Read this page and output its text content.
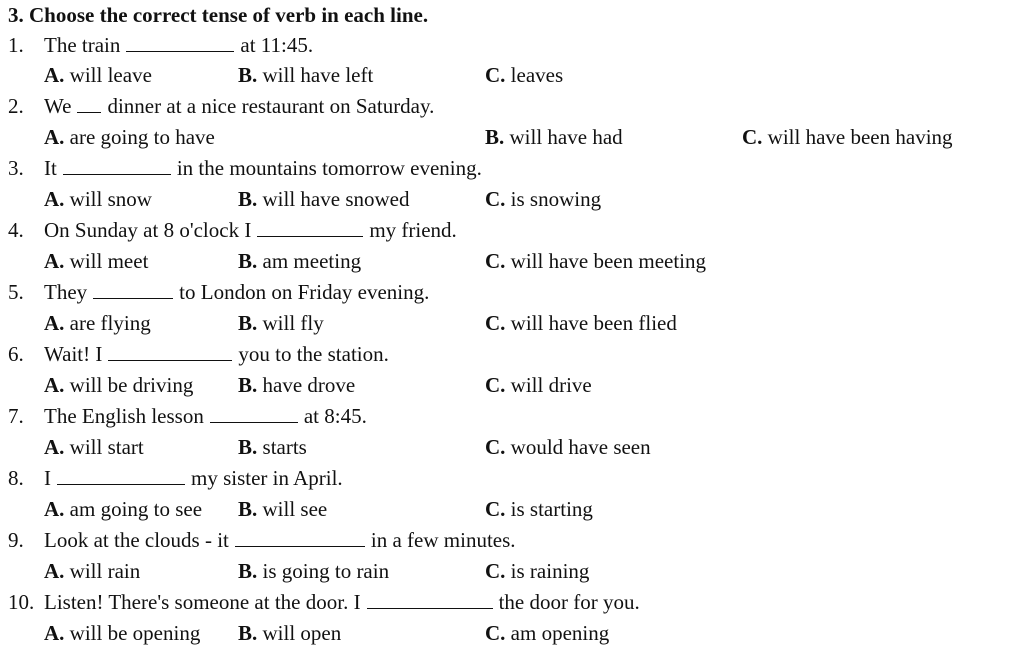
3. Choose the correct tense of verb in each line.
1. The train	at 11:45.
A. will leave	B. will have left	C. leaves
2. We dinner at a nice restaurant on Saturday.
A. are going to have	B. will have had	C. will have been having
3. It	in the mountains tomorrow evening.
A. will snow	B. will have snowed	C. is snowing
4. On Sunday at 8 o'clock I	my friend.
A. will meet	B. am meeting	C. will have been meeting
5. They	to London on Friday evening.
A. are flying	B. will fly	C. will have been flied
6. Wait! I	you to the station.
A. will be driving B. have drove	C. will drive
7. The English lesson	at 8:45.
A. will start	B. starts	C. would have seen
8. I	my sister in April.
A. am going to see B. will see	C. is starting
9. Look at the clouds - it	in a few minutes.
A. will rain	B. is going to rain	C. is raining
10. Listen! There's someone at the door. I	the door for you.
A. will be opening B. will open	C. am opening
